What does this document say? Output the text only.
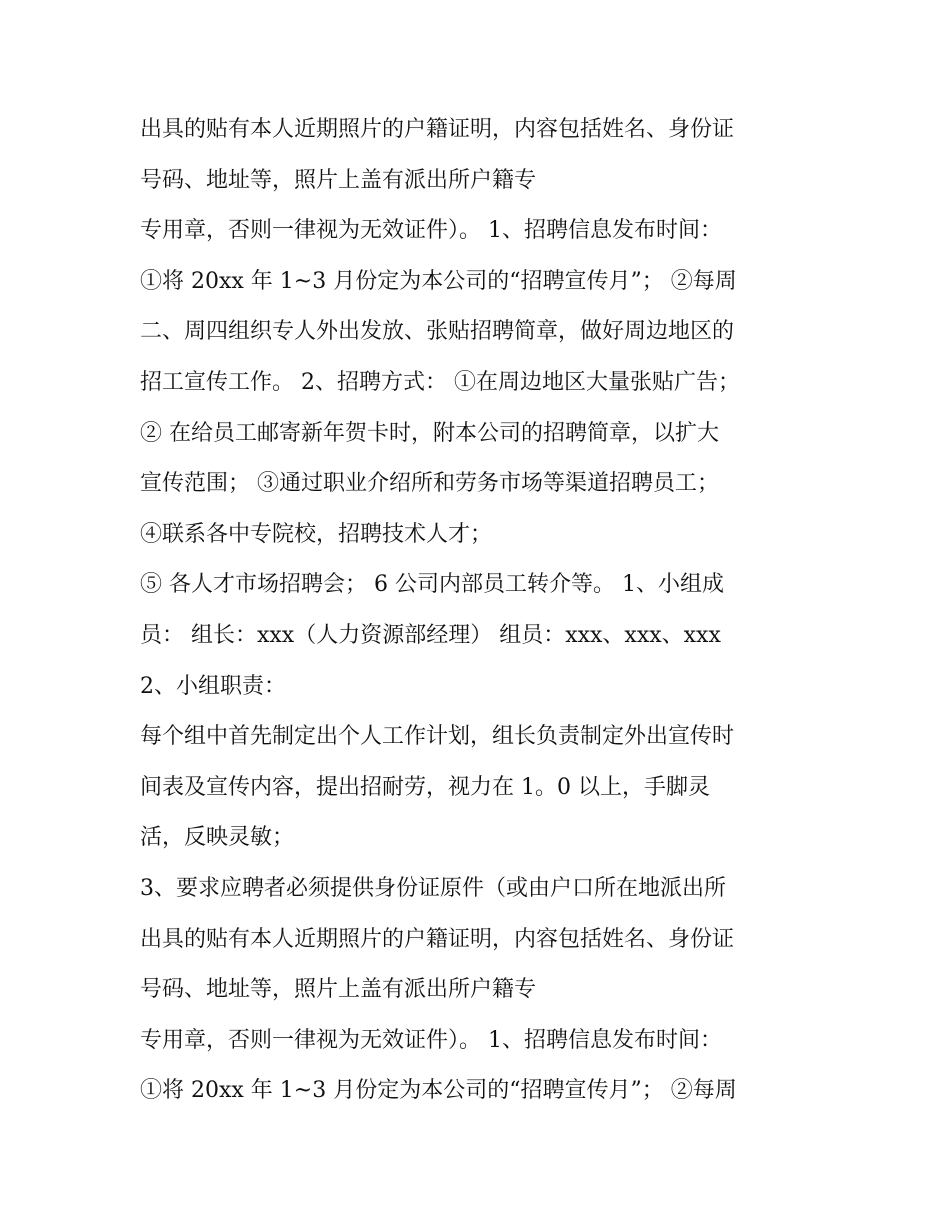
出具的贴有本人近期照片的户籍证明，内容包括姓名、身份证
号码、地址等，照片上盖有派出所户籍专
专用章，否则一律视为无效证件）。 1、招聘信息发布时间：
①将 20xx 年 1~3 月份定为本公司的“招聘宣传月”； ②每周
二、周四组织专人外出发放、张贴招聘简章，做好周边地区的
招工宣传工作。 2、招聘方式： ①在周边地区大量张贴广告；
② 在给员工邮寄新年贺卡时，附本公司的招聘简章，以扩大
宣传范围； ③通过职业介绍所和劳务市场等渠道招聘员工；
④联系各中专院校，招聘技术人才；
⑤ 各人才市场招聘会； 6 公司内部员工转介等。 1、小组成
员： 组长：xxx（人力资源部经理） 组员：xxx、xxx、xxx
2、小组职责：
每个组中首先制定出个人工作计划，组长负责制定外出宣传时
间表及宣传内容，提出招耐劳，视力在 1。0 以上，手脚灵
活，反映灵敏；
3、要求应聘者必须提供身份证原件（或由户口所在地派出所
出具的贴有本人近期照片的户籍证明，内容包括姓名、身份证
号码、地址等，照片上盖有派出所户籍专
专用章，否则一律视为无效证件）。 1、招聘信息发布时间：
①将 20xx 年 1~3 月份定为本公司的“招聘宣传月”； ②每周
